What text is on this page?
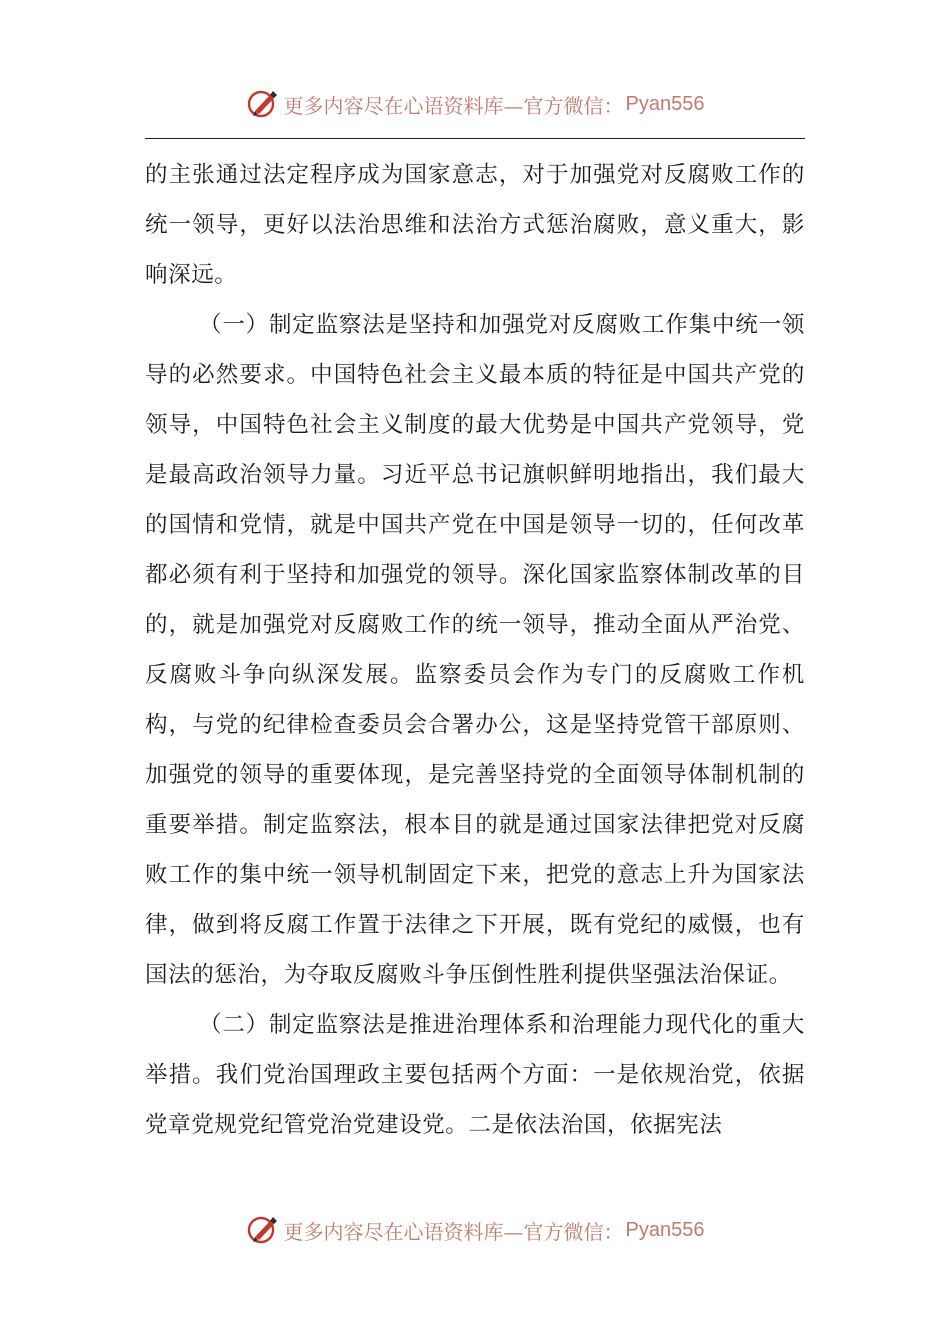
更多内容尽在心语资料库—官方微信： Pyan556

的主张通过法定程序成为国家意志，对于加强党对反腐败工作的统一领导，更好以法治思维和法治方式惩治腐败，意义重大，影响深远。

（一）制定监察法是坚持和加强党对反腐败工作集中统一领导的必然要求。中国特色社会主义最本质的特征是中国共产党的领导，中国特色社会主义制度的最大优势是中国共产党领导，党是最高政治领导力量。习近平总书记旗帜鲜明地指出，我们最大的国情和党情，就是中国共产党在中国是领导一切的，任何改革都必须有利于坚持和加强党的领导。深化国家监察体制改革的目的，就是加强党对反腐败工作的统一领导，推动全面从严治党、反腐败斗争向纵深发展。监察委员会作为专门的反腐败工作机构，与党的纪律检查委员会合署办公，这是坚持党管干部原则、加强党的领导的重要体现，是完善坚持党的全面领导体制机制的重要举措。制定监察法，根本目的就是通过国家法律把党对反腐败工作的集中统一领导机制固定下来，把党的意志上升为国家法律，做到将反腐工作置于法律之下开展，既有党纪的威慑，也有国法的惩治，为夺取反腐败斗争压倒性胜利提供坚强法治保证。

（二）制定监察法是推进治理体系和治理能力现代化的重大举措。我们党治国理政主要包括两个方面：一是依规治党，依据党章党规党纪管党治党建设党。二是依法治国，依据宪法

更多内容尽在心语资料库—官方微信： Pyan556
